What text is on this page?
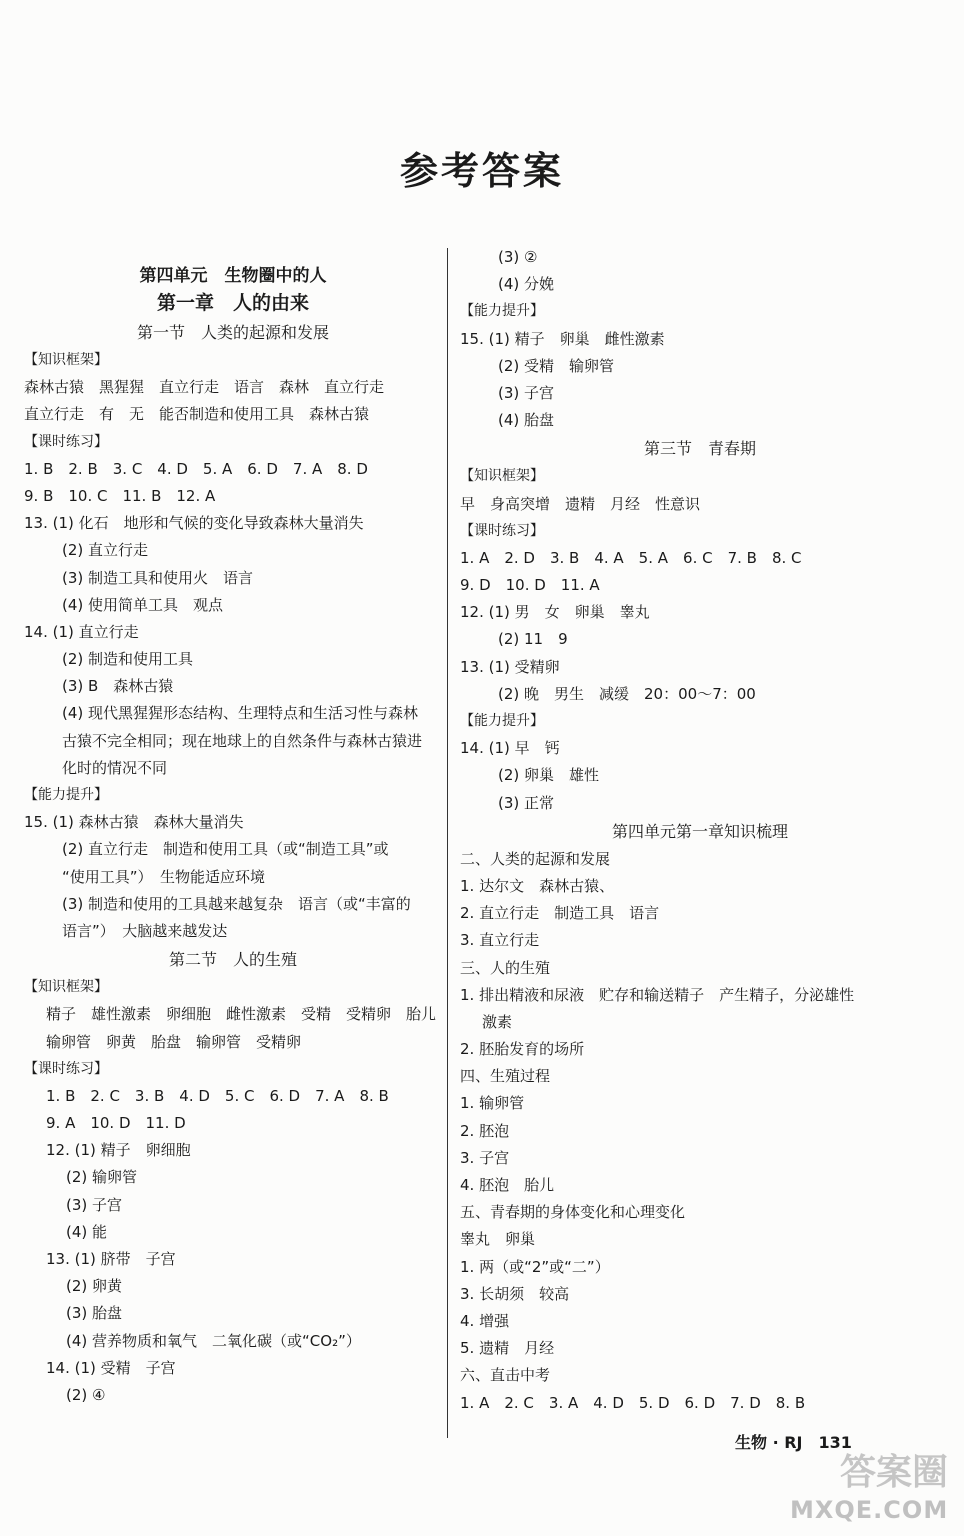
参考答案
第四单元　生物圈中的人
第一章　人的由来
第一节　人类的起源和发展
【知识框架】
森林古猿　黑猩猩　直立行走　语言　森林　直立行走
直立行走　有　无　能否制造和使用工具　森林古猿
【课时练习】
1. B　2. B　3. C　4. D　5. A　6. D　7. A　8. D
9. B　10. C　11. B　12. A
13. (1) 化石　地形和气候的变化导致森林大量消失
(2) 直立行走
(3) 制造工具和使用火　语言
(4) 使用简单工具　观点
14. (1) 直立行走
(2) 制造和使用工具
(3) B　森林古猿
(4) 现代黑猩猩形态结构、生理特点和生活习性与森林
古猿不完全相同；现在地球上的自然条件与森林古猿进
化时的情况不同
【能力提升】
15. (1) 森林古猿　森林大量消失
(2) 直立行走　制造和使用工具（或“制造工具”或
“使用工具”）　生物能适应环境
(3) 制造和使用的工具越来越复杂　语言（或“丰富的
语言”）　大脑越来越发达
第二节　人的生殖
【知识框架】
精子　雄性激素　卵细胞　雌性激素　受精　受精卵　胎儿
输卵管　卵黄　胎盘　输卵管　受精卵
【课时练习】
1. B　2. C　3. B　4. D　5. C　6. D　7. A　8. B
9. A　10. D　11. D
12. (1) 精子　卵细胞
(2) 输卵管
(3) 子宫
(4) 能
13. (1) 脐带　子宫
(2) 卵黄
(3) 胎盘
(4) 营养物质和氧气　二氧化碳（或“CO₂”）
14. (1) 受精　子宫
(2) ④
(3) ②
(4) 分娩
【能力提升】
15. (1) 精子　卵巢　雌性激素
(2) 受精　输卵管
(3) 子宫
(4) 胎盘
第三节　青春期
【知识框架】
早　身高突增　遗精　月经　性意识
【课时练习】
1. A　2. D　3. B　4. A　5. A　6. C　7. B　8. C
9. D　10. D　11. A
12. (1) 男　女　卵巢　睾丸
(2) 11　9
13. (1) 受精卵
(2) 晚　男生　减缓　20：00～7：00
【能力提升】
14. (1) 早　钙
(2) 卵巢　雄性
(3) 正常
第四单元第一章知识梳理
二、人类的起源和发展
1. 达尔文　森林古猿、
2. 直立行走　制造工具　语言
3. 直立行走
三、人的生殖
1. 排出精液和尿液　贮存和输送精子　产生精子，分泌雄性
激素
2. 胚胎发育的场所
四、生殖过程
1. 输卵管
2. 胚泡
3. 子宫
4. 胚泡　胎儿
五、青春期的身体变化和心理变化
睾丸　卵巢
1. 两（或“2”或“二”）
3. 长胡须　较高
4. 增强
5. 遗精　月经
六、直击中考
1. A　2. C　3. A　4. D　5. D　6. D　7. D　8. B
生物 · RJ　131
答案圈
MXQE.COM
